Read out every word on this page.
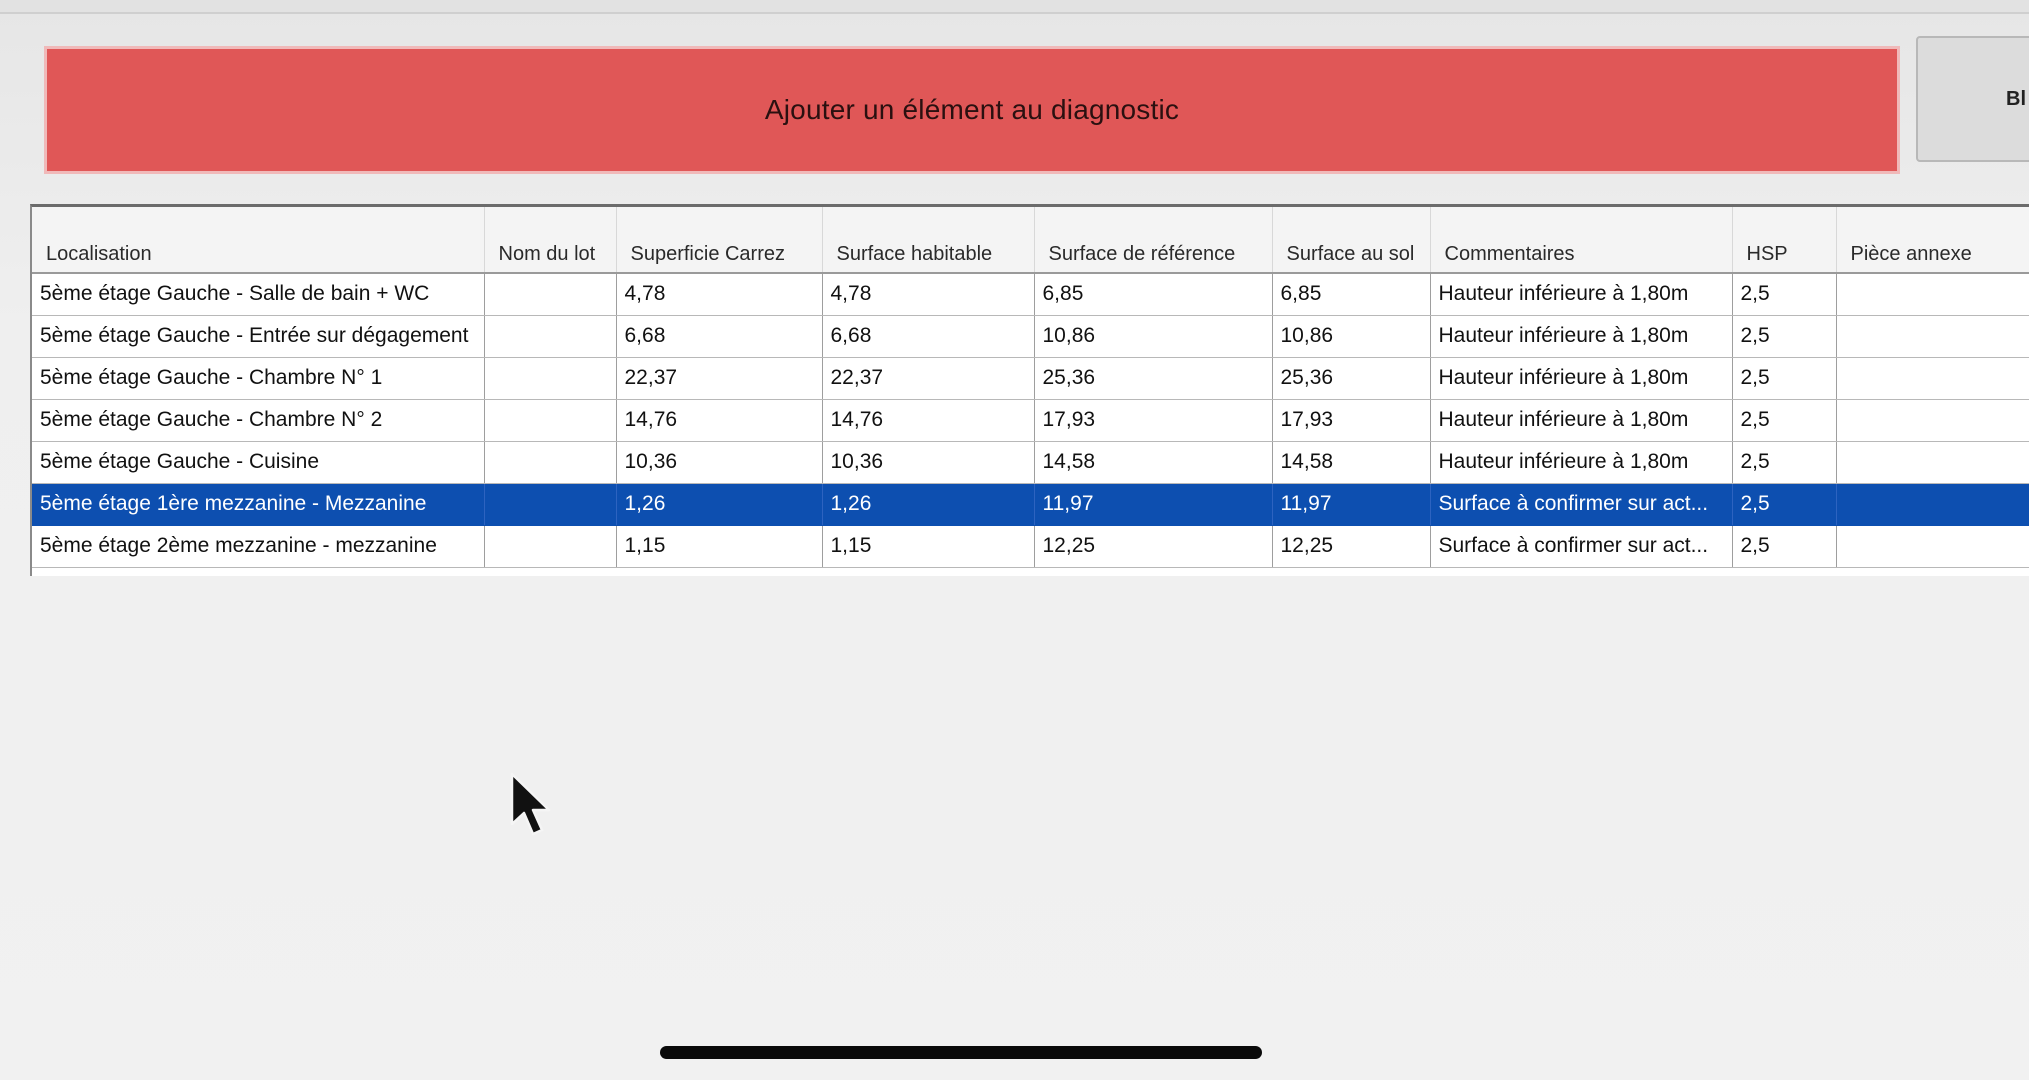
Ajouter un élément au diagnostic	Bl
Localisation	Nom du lot	Superficie Carrez	Surface habitable	Surface de référence	Surface au sol	Commentaires	HSP	Pièce annexe
5ème étage Gauche - Salle de bain + WC		4,78	4,78	6,85	6,85	Hauteur inférieure à 1,80m	2,5	
5ème étage Gauche - Entrée sur dégagement		6,68	6,68	10,86	10,86	Hauteur inférieure à 1,80m	2,5	
5ème étage Gauche - Chambre N° 1		22,37	22,37	25,36	25,36	Hauteur inférieure à 1,80m	2,5	
5ème étage Gauche - Chambre N° 2		14,76	14,76	17,93	17,93	Hauteur inférieure à 1,80m	2,5	
5ème étage Gauche - Cuisine		10,36	10,36	14,58	14,58	Hauteur inférieure à 1,80m	2,5	
5ème étage 1ère mezzanine - Mezzanine		1,26	1,26	11,97	11,97	Surface à confirmer sur act...	2,5	
5ème étage 2ème mezzanine - mezzanine		1,15	1,15	12,25	12,25	Surface à confirmer sur act...	2,5	
